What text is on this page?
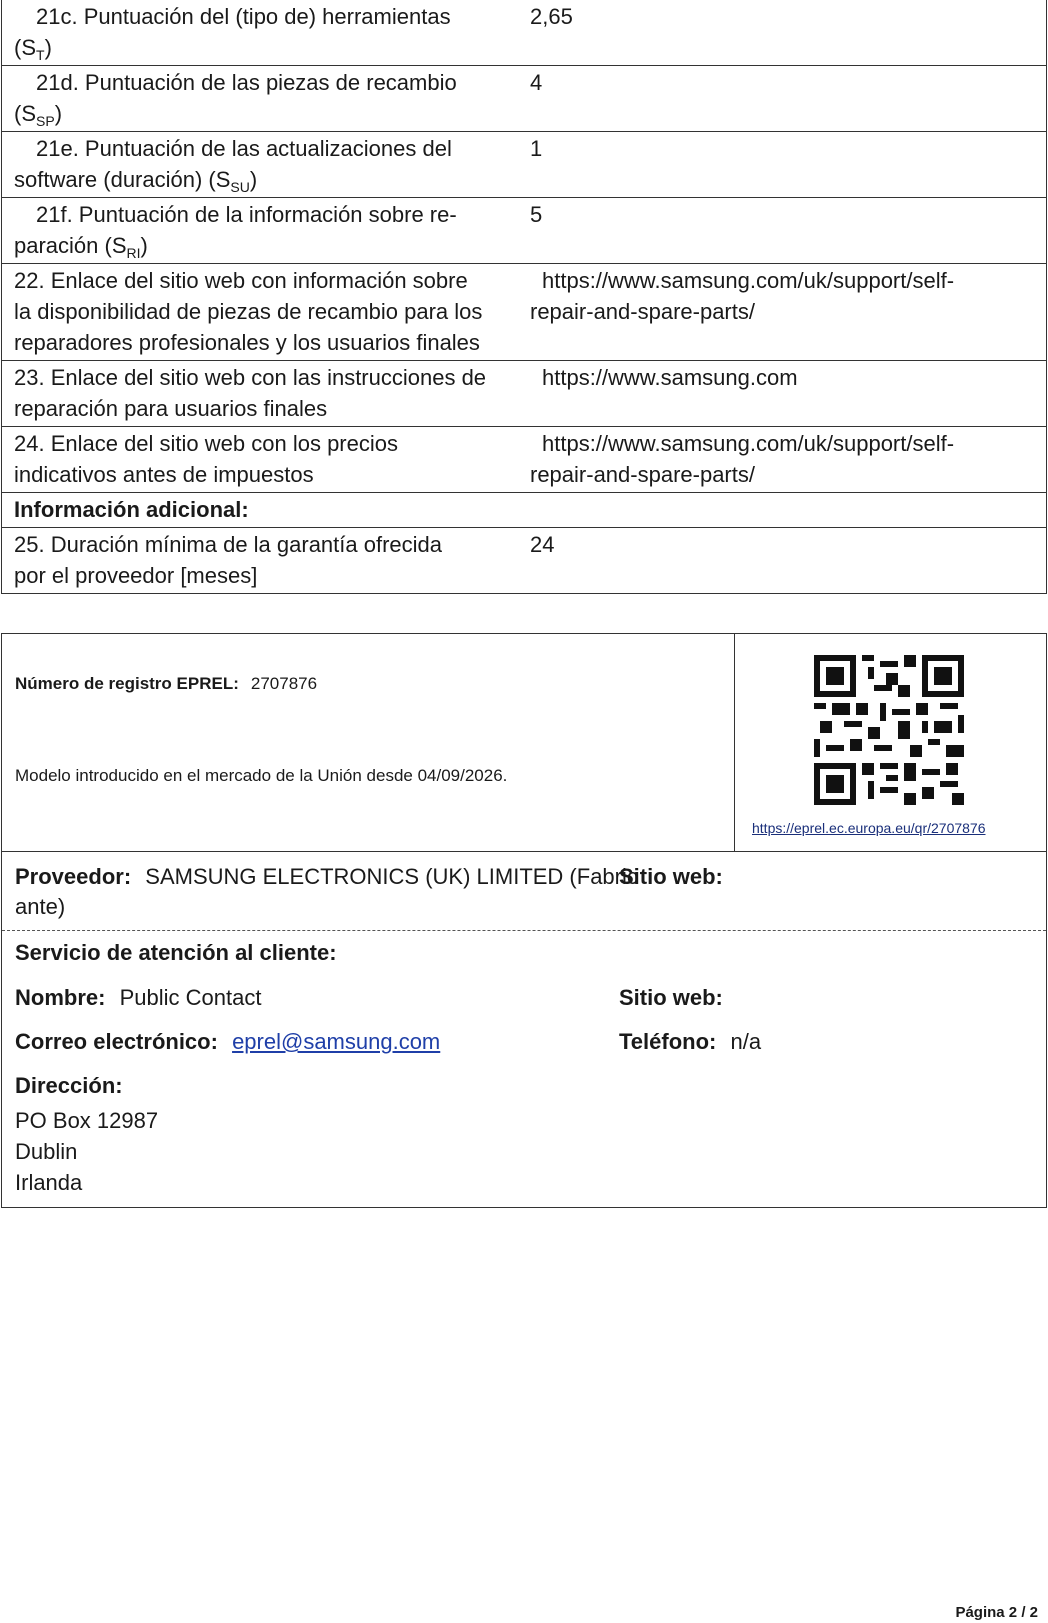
21c. Puntuación del (tipo de) herramientas
$(S_T)$	2,65
21d. Puntuación de las piezas de recambio
$(S_{SP})$	4
21e. Puntuación de las actualizaciones del
software (duración) $(S_{SU})$	1
21f. Puntuación de la información sobre re-
paración $(S_{RI})$	5
22. Enlace del sitio web con información sobre
la disponibilidad de piezas de recambio para los
reparadores profesionales y los usuarios finales	https://www.samsung.com/uk/support/self-
repair-and-spare-parts/

23. Enlace del sitio web con las instrucciones de
reparación para usuarios finales	https://www.samsung.com
24. Enlace del sitio web con los precios
indicativos antes de impuestos	https://www.samsung.com/uk/support/self-
repair-and-spare-parts/

Información adicional:	
25. Duración mínima de la garantía ofrecida
por el proveedor [meses]	24
Número de registro EPREL: 2707876
Modelo introducido en el mercado de la Unión desde 04/09/2026.
https://eprel.ec.europa.eu/qr/2707876
Proveedor: SAMSUNG ELECTRONICS (UK) LIMITED (Fabric
ante)
Sitio web:
Servicio de atención al cliente:
Nombre: Public Contact	Sitio web:
Correo electrónico: eprel@samsung.com	Teléfono: n/a
Dirección:
PO Box 12987
Dublin
Irlanda
Página 2 / 2
